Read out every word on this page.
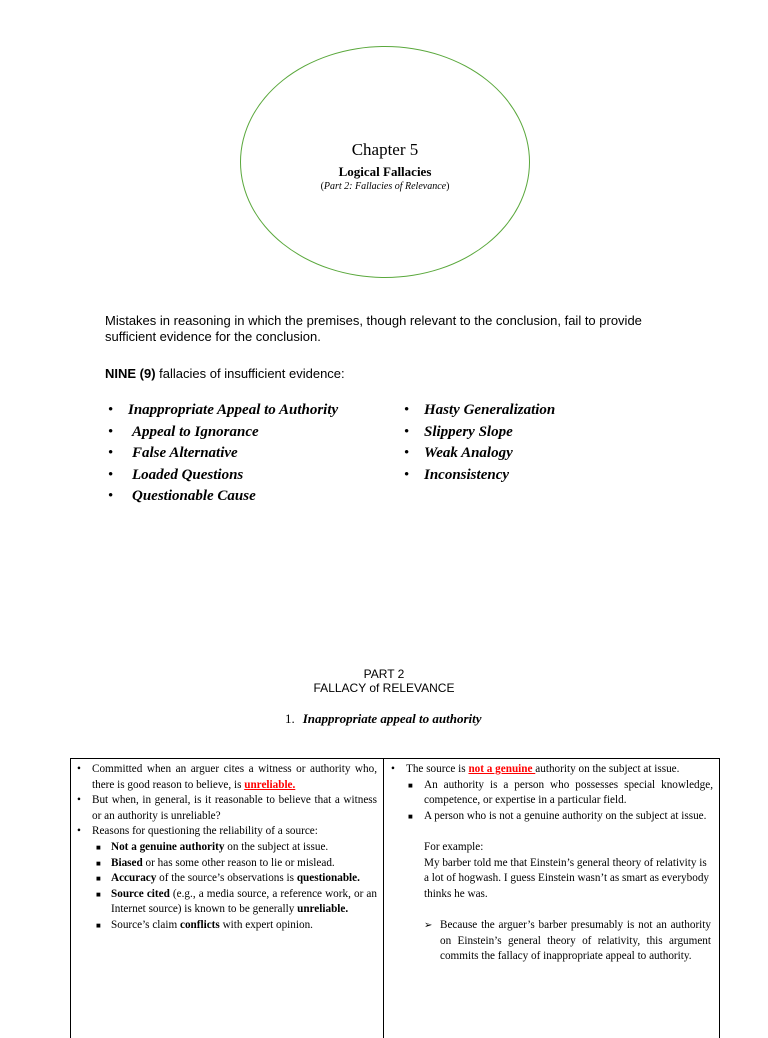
Chapter 5
Logical Fallacies
(Part 2: Fallacies of Relevance)
Mistakes in reasoning in which the premises, though relevant to the conclusion, fail to provide sufficient evidence for the conclusion.
NINE (9) fallacies of insufficient evidence:
• Inappropriate Appeal to Authority
• Appeal to Ignorance
• False Alternative
• Loaded Questions
• Questionable Cause
• Hasty Generalization
• Slippery Slope
• Weak Analogy
• Inconsistency
PART 2
FALLACY of RELEVANCE
1. Inappropriate appeal to authority
• Committed when an arguer cites a witness or authority who, there is good reason to believe, is unreliable.
• But when, in general, is it reasonable to believe that a witness or an authority is unreliable?
• Reasons for questioning the reliability of a source:
■ Not a genuine authority on the subject at issue.
■ Biased or has some other reason to lie or mislead.
■ Accuracy of the source’s observations is questionable.
■ Source cited (e.g., a media source, a reference work, or an Internet source) is known to be generally unreliable.
■ Source’s claim conflicts with expert opinion.
• The source is not a genuine authority on the subject at issue.
■ An authority is a person who possesses special knowledge, competence, or expertise in a particular field.
■ A person who is not a genuine authority on the subject at issue.
For example:
My barber told me that Einstein’s general theory of relativity is a lot of hogwash. I guess Einstein wasn’t as smart as everybody thinks he was.
➢ Because the arguer’s barber presumably is not an authority on Einstein’s general theory of relativity, this argument commits the fallacy of inappropriate appeal to authority.
